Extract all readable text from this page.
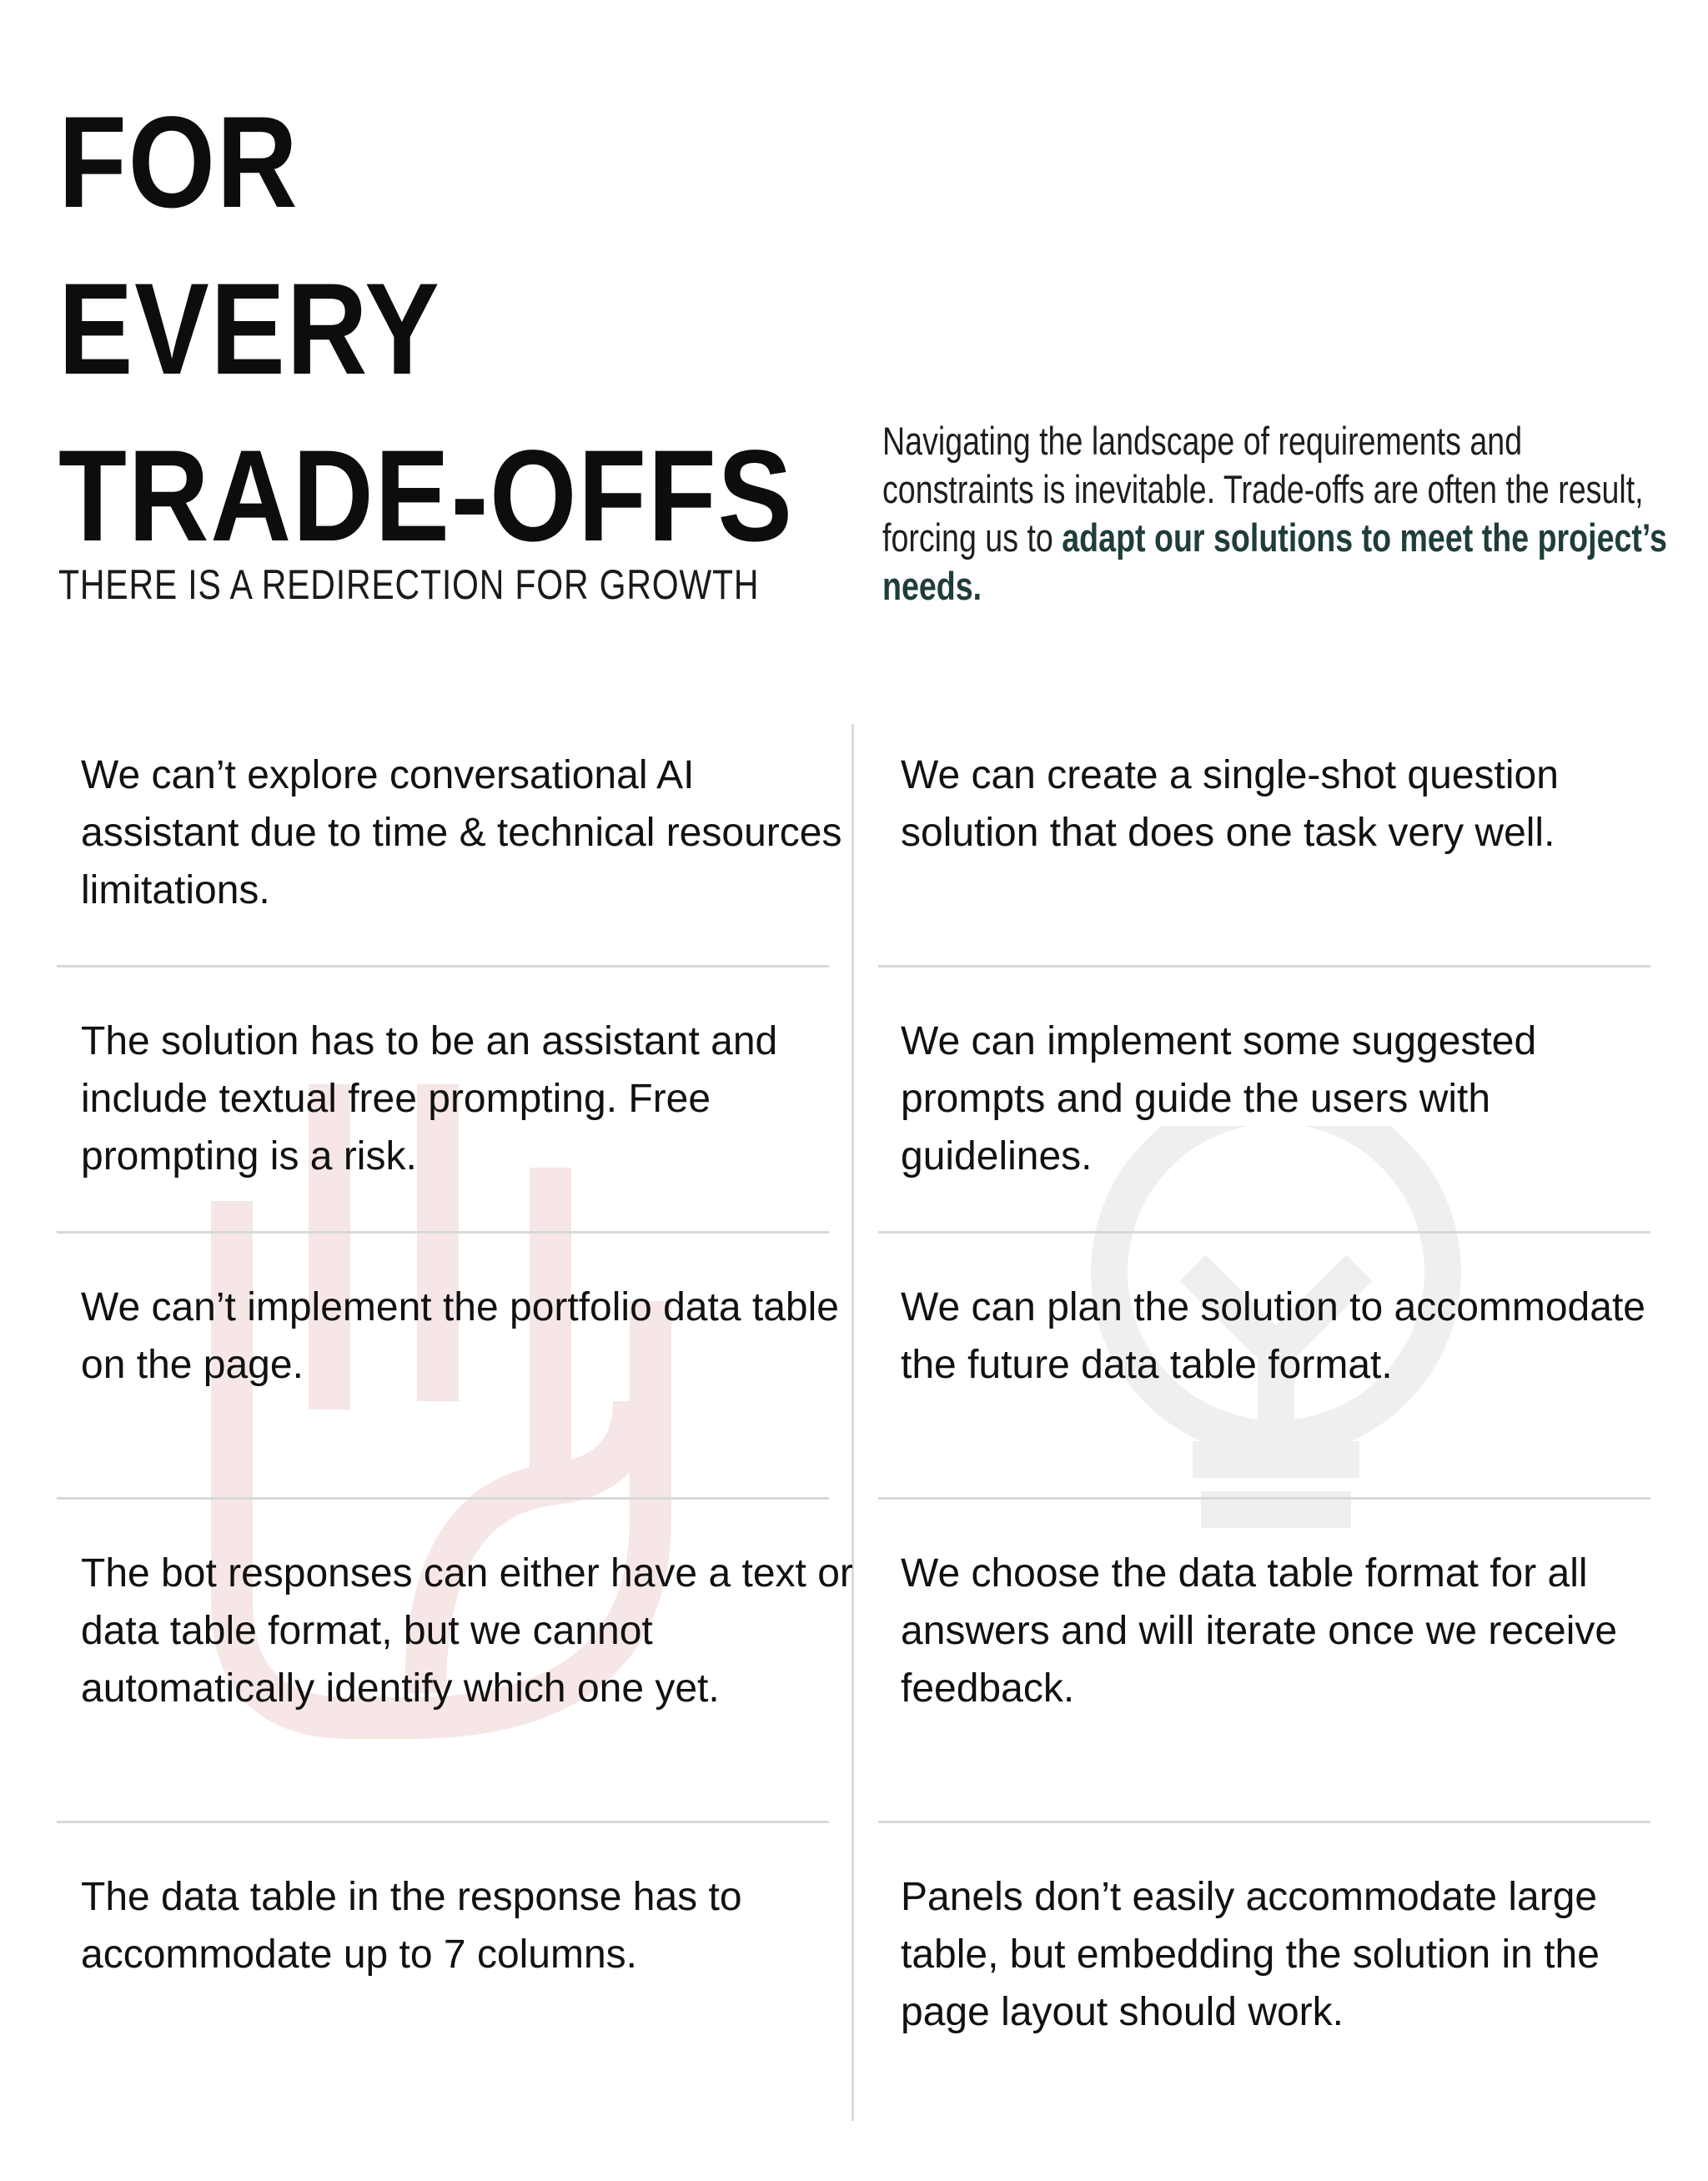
FOR
EVERY
TRADE-OFFS
THERE IS A REDIRECTION FOR GROWTH
Navigating the landscape of requirements and constraints is inevitable. Trade-offs are often the result, forcing us to adapt our solutions to meet the project’s needs.
We can’t explore conversational AI assistant due to time & technical resources limitations.
We can create a single-shot question solution that does one task very well.
The solution has to be an assistant and include textual free prompting. Free prompting is a risk.
We can implement some suggested prompts and guide the users with guidelines.
We can’t implement the portfolio data table on the page.
We can plan the solution to accommodate the future data table format.
The bot responses can either have a text or data table format, but we cannot automatically identify which one yet.
We choose the data table format for all answers and will iterate once we receive feedback.
The data table in the response has to accommodate up to 7 columns.
Panels don’t easily accommodate large table, but embedding the solution in the page layout should work.
